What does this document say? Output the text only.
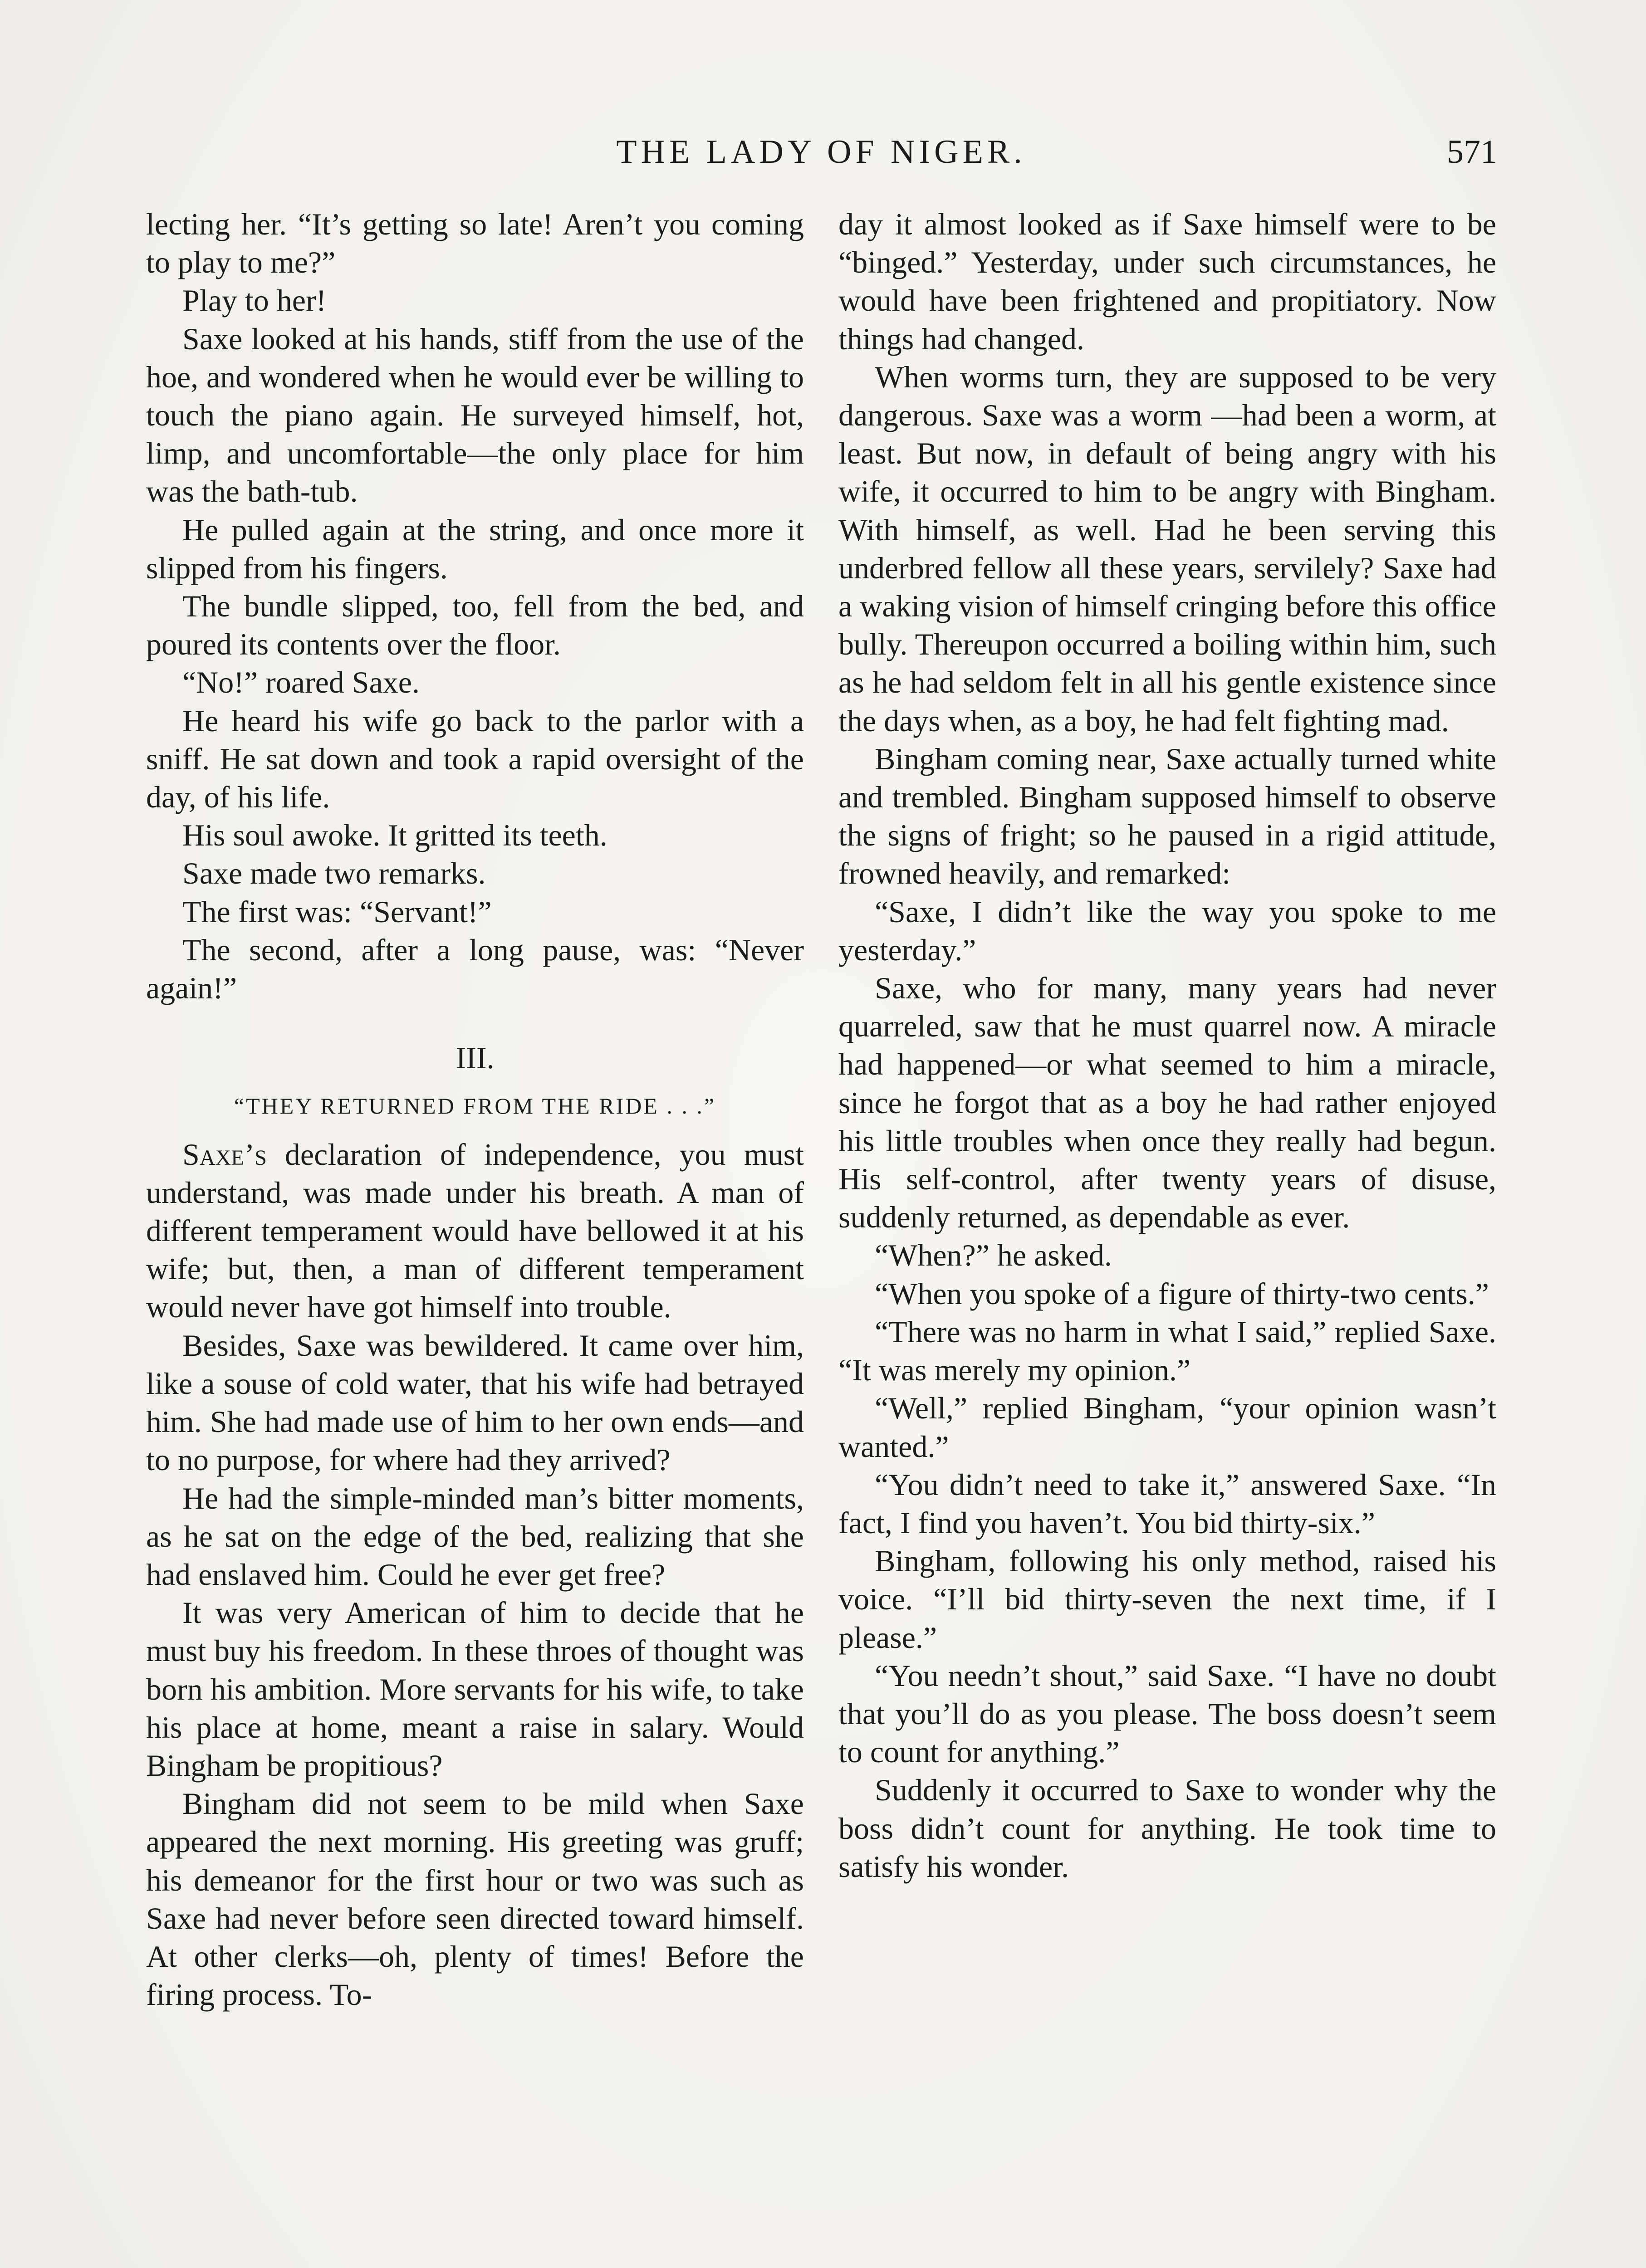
THE LADY OF NIGER.	571

lecting her. “It’s getting so late! Aren’t you coming to play to me?”

Play to her!

Saxe looked at his hands, stiff from the use of the hoe, and wondered when he would ever be willing to touch the piano again. He surveyed himself, hot, limp, and uncomfortable—the only place for him was the bath-tub.

He pulled again at the string, and once more it slipped from his fingers.

The bundle slipped, too, fell from the bed, and poured its contents over the floor.

“No!” roared Saxe.

He heard his wife go back to the parlor with a sniff. He sat down and took a rapid oversight of the day, of his life.

His soul awoke. It gritted its teeth.

Saxe made two remarks.

The first was: “Servant!”

The second, after a long pause, was: “Never again!”

III.
“THEY RETURNED FROM THE RIDE . . .”

Saxe’s declaration of independence, you must understand, was made under his breath. A man of different temperament would have bellowed it at his wife; but, then, a man of different temperament would never have got himself into trouble.

Besides, Saxe was bewildered. It came over him, like a souse of cold water, that his wife had betrayed him. She had made use of him to her own ends—and to no purpose, for where had they arrived?

He had the simple-minded man’s bitter moments, as he sat on the edge of the bed, realizing that she had enslaved him. Could he ever get free?

It was very American of him to decide that he must buy his freedom. In these throes of thought was born his ambition. More servants for his wife, to take his place at home, meant a raise in salary. Would Bingham be propitious?

Bingham did not seem to be mild when Saxe appeared the next morning. His greeting was gruff; his demeanor for the first hour or two was such as Saxe had never before seen directed toward himself. At other clerks—oh, plenty of times! Before the firing process. To-

day it almost looked as if Saxe himself were to be “binged.” Yesterday, under such circumstances, he would have been frightened and propitiatory. Now things had changed.

When worms turn, they are supposed to be very dangerous. Saxe was a worm —had been a worm, at least. But now, in default of being angry with his wife, it occurred to him to be angry with Bingham. With himself, as well. Had he been serving this underbred fellow all these years, servilely? Saxe had a waking vision of himself cringing before this office bully. Thereupon occurred a boiling within him, such as he had seldom felt in all his gentle existence since the days when, as a boy, he had felt fighting mad.

Bingham coming near, Saxe actually turned white and trembled. Bingham supposed himself to observe the signs of fright; so he paused in a rigid attitude, frowned heavily, and remarked:

“Saxe, I didn’t like the way you spoke to me yesterday.”

Saxe, who for many, many years had never quarreled, saw that he must quarrel now. A miracle had happened—or what seemed to him a miracle, since he forgot that as a boy he had rather enjoyed his little troubles when once they really had begun. His self-control, after twenty years of disuse, suddenly returned, as dependable as ever.

“When?” he asked.

“When you spoke of a figure of thirty-two cents.”

“There was no harm in what I said,” replied Saxe. “It was merely my opinion.”

“Well,” replied Bingham, “your opinion wasn’t wanted.”

“You didn’t need to take it,” answered Saxe. “In fact, I find you haven’t. You bid thirty-six.”

Bingham, following his only method, raised his voice. “I’ll bid thirty-seven the next time, if I please.”

“You needn’t shout,” said Saxe. “I have no doubt that you’ll do as you please. The boss doesn’t seem to count for anything.”

Suddenly it occurred to Saxe to wonder why the boss didn’t count for anything. He took time to satisfy his wonder.
